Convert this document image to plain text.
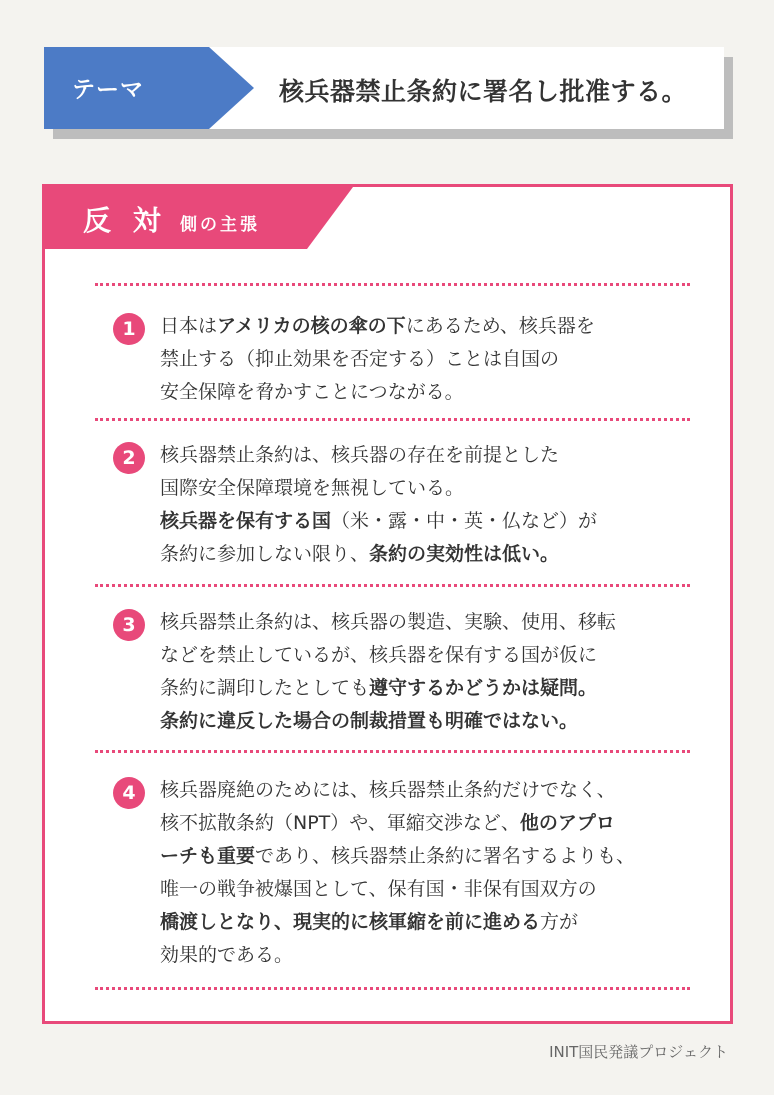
テーマ	核兵器禁止条約に署名し批准する。
反 対 側の主張
1	日本はアメリカの核の傘の下にあるため、核兵器を
禁止する（抑止効果を否定する）ことは自国の
安全保障を脅かすことにつながる。
2	核兵器禁止条約は、核兵器の存在を前提とした
国際安全保障環境を無視している。
核兵器を保有する国（米・露・中・英・仏など）が
条約に参加しない限り、条約の実効性は低い。
3	核兵器禁止条約は、核兵器の製造、実験、使用、移転
などを禁止しているが、核兵器を保有する国が仮に
条約に調印したとしても遵守するかどうかは疑問。
条約に違反した場合の制裁措置も明確ではない。
4	核兵器廃絶のためには、核兵器禁止条約だけでなく、
核不拡散条約（NPT）や、軍縮交渉など、他のアプロ
ーチも重要であり、核兵器禁止条約に署名するよりも、
唯一の戦争被爆国として、保有国・非保有国双方の
橋渡しとなり、現実的に核軍縮を前に進める方が
効果的である。
INIT国民発議プロジェクト
